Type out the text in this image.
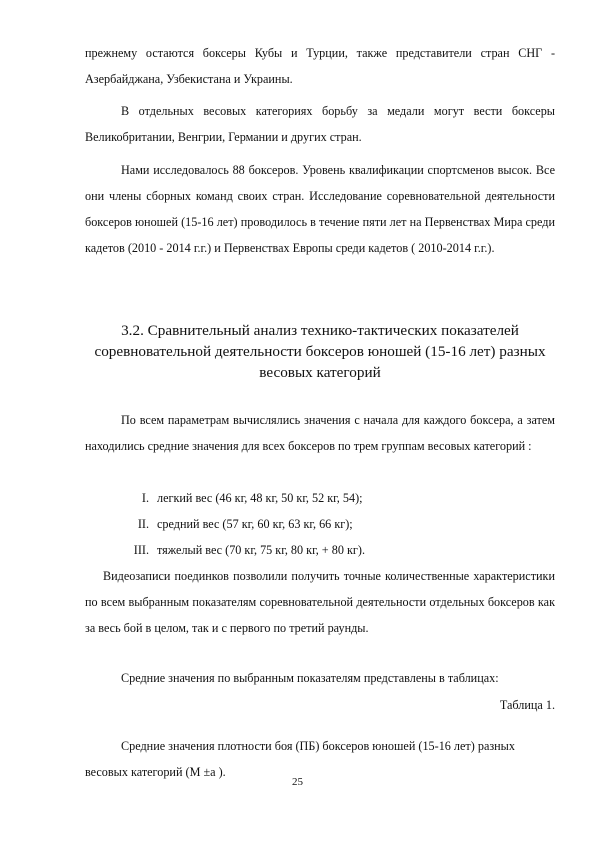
прежнему остаются боксеры Кубы и Турции, также представители стран СНГ - Азербайджана, Узбекистана и Украины.

В отдельных весовых категориях борьбу за медали могут вести боксеры Великобритании, Венгрии, Германии и других стран.

Нами исследовалось 88 боксеров. Уровень квалификации спортсменов высок. Все они члены сборных команд своих стран. Исследование соревновательной деятельности боксеров юношей (15-16 лет) проводилось в течение пяти лет на Первенствах Мира среди кадетов (2010 - 2014 г.г.) и Первенствах Европы среди кадетов ( 2010-2014 г.г.).

3.2. Сравнительный анализ технико-тактических показателей соревновательной деятельности боксеров юношей (15-16 лет) разных весовых категорий

По всем параметрам вычислялись значения с начала для каждого боксера, а затем находились средние значения для всех боксеров по трем группам весовых категорий :

I. легкий вес (46 кг, 48 кг, 50 кг, 52 кг, 54);
II. средний вес (57 кг, 60 кг, 63 кг, 66 кг);
III. тяжелый вес (70 кг, 75 кг, 80 кг, + 80 кг).

Видеозаписи поединков позволили получить точные количественные характеристики по всем выбранным показателям соревновательной деятельности отдельных боксеров как за весь бой в целом, так и с первого по третий раунды.

Средние значения по выбранным показателям представлены в таблицах:

Таблица 1.

Средние значения плотности боя (ПБ) боксеров юношей (15-16 лет) разных весовых категорий (М ±а ).

25
